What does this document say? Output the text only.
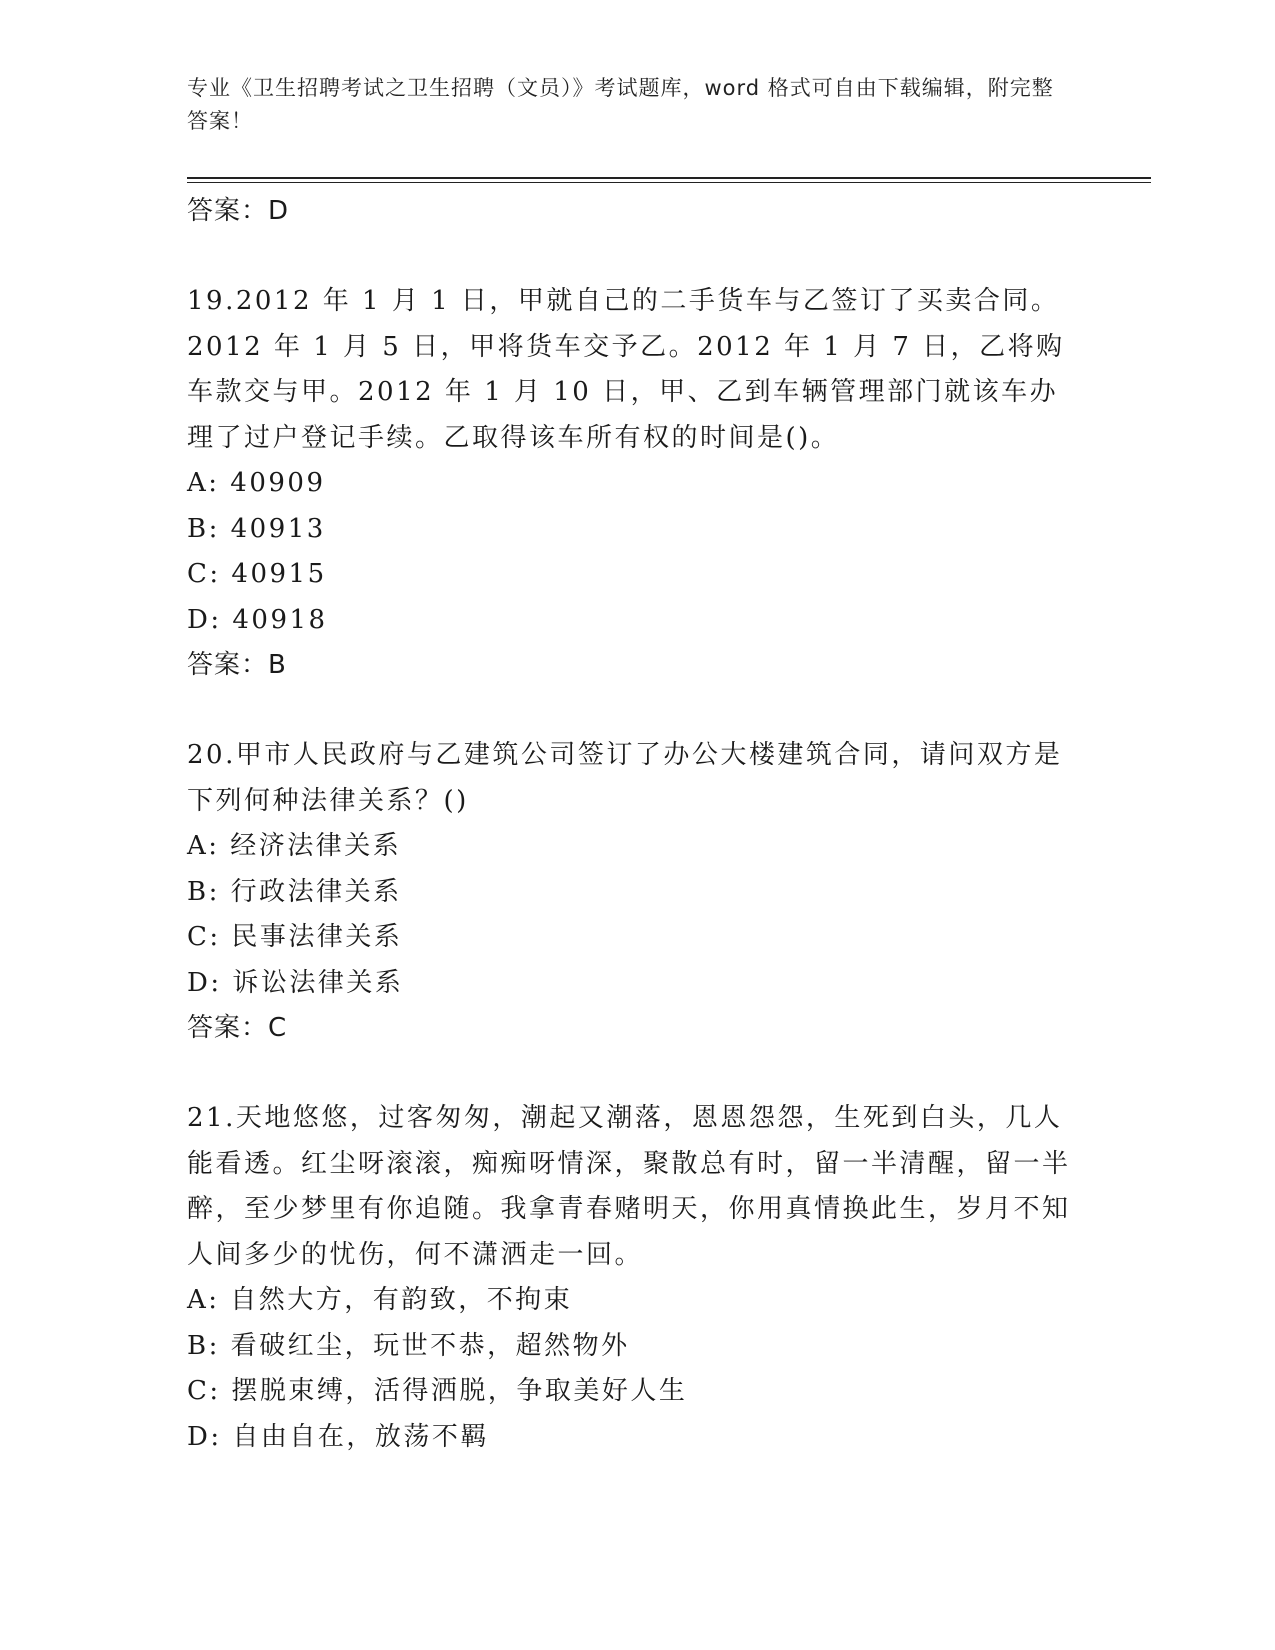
专业《卫生招聘考试之卫生招聘（文员）》考试题库，word 格式可自由下载编辑，附完整答案！
答案：D
19.2012 年 1 月 1 日，甲就自己的二手货车与乙签订了买卖合同。2012 年 1 月 5 日，甲将货车交予乙。2012 年 1 月 7 日，乙将购车款交与甲。2012 年 1 月 10 日，甲、乙到车辆管理部门就该车办理了过户登记手续。乙取得该车所有权的时间是()。
A: 40909
B: 40913
C: 40915
D: 40918
答案：B
20.甲市人民政府与乙建筑公司签订了办公大楼建筑合同，请问双方是下列何种法律关系？()
A: 经济法律关系
B: 行政法律关系
C: 民事法律关系
D: 诉讼法律关系
答案：C
21.天地悠悠，过客匆匆，潮起又潮落，恩恩怨怨，生死到白头，几人能看透。红尘呀滚滚，痴痴呀情深，聚散总有时，留一半清醒，留一半醉，至少梦里有你追随。我拿青春赌明天，你用真情换此生，岁月不知人间多少的忧伤，何不潇洒走一回。
A: 自然大方，有韵致，不拘束
B: 看破红尘，玩世不恭，超然物外
C: 摆脱束缚，活得洒脱，争取美好人生
D: 自由自在，放荡不羁
